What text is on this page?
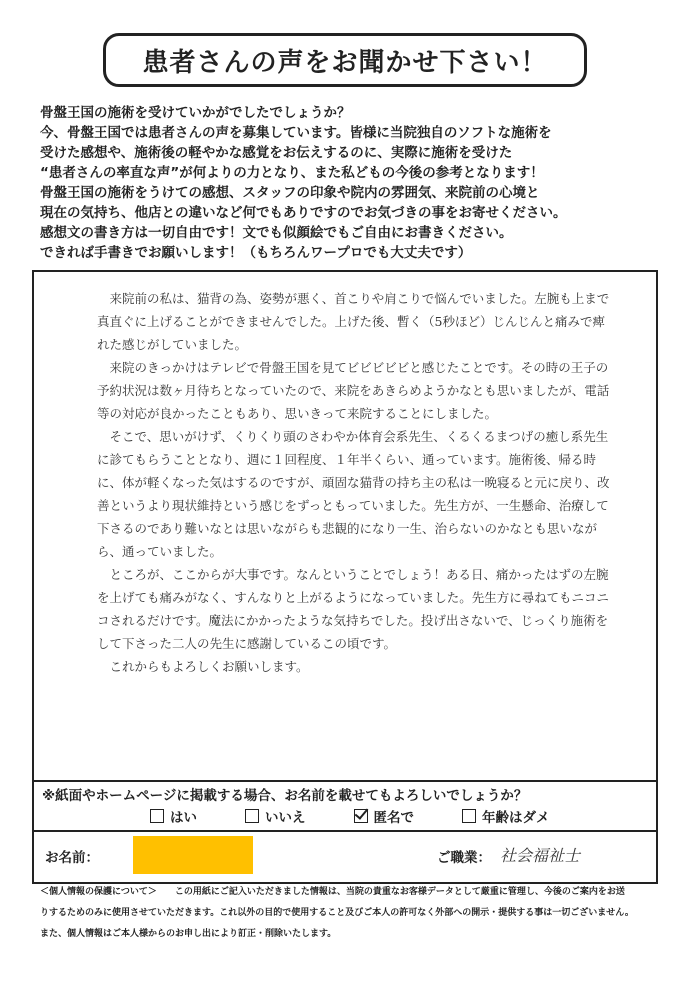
患者さんの声をお聞かせ下さい！
骨盤王国の施術を受けていかがでしたでしょうか？
今、骨盤王国では患者さんの声を募集しています。皆様に当院独自のソフトな施術を
受けた感想や、施術後の軽やかな感覚をお伝えするのに、実際に施術を受けた
“患者さんの率直な声”が何よりの力となり、また私どもの今後の参考となります！
骨盤王国の施術をうけての感想、スタッフの印象や院内の雰囲気、来院前の心境と
現在の気持ち、他店との違いなど何でもありですのでお気づきの事をお寄せください。
感想文の書き方は一切自由です！文でも似顔絵でもご自由にお書きください。
できれば手書きでお願いします！（もちろんワープロでも大丈夫です）
来院前の私は、猫背の為、姿勢が悪く、首こりや肩こりで悩んでいました。左腕も上まで真直ぐに上げることができませんでした。上げた後、暫く（5秒ほど）じんじんと痛みで痺れた感じがしていました。
来院のきっかけはテレビで骨盤王国を見てビビビビビと感じたことです。その時の王子の予約状況は数ヶ月待ちとなっていたので、来院をあきらめようかなとも思いましたが、電話等の対応が良かったこともあり、思いきって来院することにしました。
そこで、思いがけず、くりくり頭のさわやか体育会系先生、くるくるまつげの癒し系先生に診てもらうこととなり、週に１回程度、１年半くらい、通っています。施術後、帰る時に、体が軽くなった気はするのですが、頑固な猫背の持ち主の私は一晩寝ると元に戻り、改善というより現状維持という感じをずっともっていました。先生方が、一生懸命、治療して下さるのであり難いなとは思いながらも悲観的になり一生、治らないのかなとも思いながら、通っていました。
ところが、ここからが大事です。なんということでしょう！ある日、痛かったはずの左腕を上げても痛みがなく、すんなりと上がるようになっていました。先生方に尋ねてもニコニコされるだけです。魔法にかかったような気持ちでした。投げ出さないで、じっくり施術をして下さった二人の先生に感謝しているこの頃です。
これからもよろしくお願いします。
※紙面やホームページに掲載する場合、お名前を載せてもよろしいでしょうか？
はい	いいえ	匿名で	年齢はダメ
お名前：	ご職業： 社会福祉士
＜個人情報の保護について＞　　この用紙にご記入いただきました情報は、当院の貴重なお客様データとして厳重に管理し、今後のご案内をお送
りするためのみに使用させていただきます。これ以外の目的で使用すること及びご本人の許可なく外部への開示・提供する事は一切ございません。
また、個人情報はご本人様からのお申し出により訂正・削除いたします。
